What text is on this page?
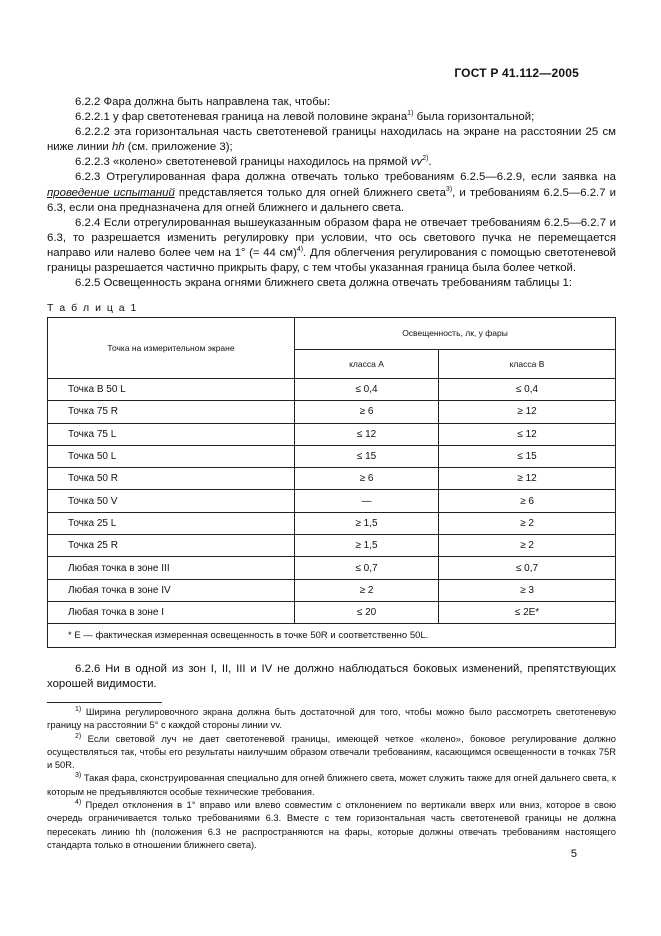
ГОСТ Р 41.112—2005

6.2.2 Фара должна быть направлена так, чтобы:

6.2.2.1 у фар светотеневая граница на левой половине экрана$^{1)}$ была горизонтальной;

6.2.2.2 эта горизонтальная часть светотеневой границы находилась на экране на расстоянии 25 см ниже линии hh (см. приложение 3);

6.2.2.3 «колено» светотеневой границы находилось на прямой $vv^{2)}$.

6.2.3 Отрегулированная фара должна отвечать только требованиям 6.2.5—6.2.9, если заявка на проведение испытаний представляется только для огней ближнего света$^{3)}$, и требованиям 6.2.5—6.2.7 и 6.3, если она предназначена для огней ближнего и дальнего света.

6.2.4 Если отрегулированная вышеуказанным образом фара не отвечает требованиям 6.2.5—6.2.7 и 6.3, то разрешается изменить регулировку при условии, что ось светового пучка не перемещается направо или налево более чем на 1° (= 44 см)$^{4)}$. Для облегчения регулирования с помощью светотеневой границы разрешается частично прикрыть фару, с тем чтобы указанная граница была более четкой.

6.2.5 Освещенность экрана огнями ближнего света должна отвечать требованиям таблицы 1:

Т а б л и ц а 1
Точка на измерительном экране	Освещенность, лк, у фары	
	класса A	класса B
Точка B 50 L	≤ 0,4	≤ 0,4
Точка 75 R	≥ 6	≥ 12
Точка 75 L	≤ 12	≤ 12
Точка 50 L	≤ 15	≤ 15
Точка 50 R	≥ 6	≥ 12
Точка 50 V	—	≥ 6
Точка 25 L	≥ 1,5	≥ 2
Точка 25 R	≥ 1,5	≥ 2
Любая точка в зоне III	≤ 0,7	≤ 0,7
Любая точка в зоне IV	≥ 2	≥ 3
Любая точка в зоне I	≤ 20	≤ 2E*
* E — фактическая измеренная освещенность в точке 50R и соответственно 50L.		

6.2.6 Ни в одной из зон I, II, III и IV не должно наблюдаться боковых изменений, препятствующих хорошей видимости.

$^{1)}$ Ширина регулировочного экрана должна быть достаточной для того, чтобы можно было рассмотреть светотеневую границу на расстоянии 5° с каждой стороны линии vv.

$^{2)}$ Если световой луч не дает светотеневой границы, имеющей четкое «колено», боковое регулирование должно осуществляться так, чтобы его результаты наилучшим образом отвечали требованиям, касающимся освещенности в точках 75R и 50R.

$^{3)}$ Такая фара, сконструированная специально для огней ближнего света, может служить также для огней дальнего света, к которым не предъявляются особые технические требования.

$^{4)}$ Предел отклонения в 1° вправо или влево совместим с отклонением по вертикали вверх или вниз, которое в свою очередь ограничивается только требованиями 6.3. Вместе с тем горизонтальная часть светотеневой границы не должна пересекать линию hh (положения 6.3 не распространяются на фары, которые должны отвечать требованиям настоящего стандарта только в отношении ближнего света).

5
